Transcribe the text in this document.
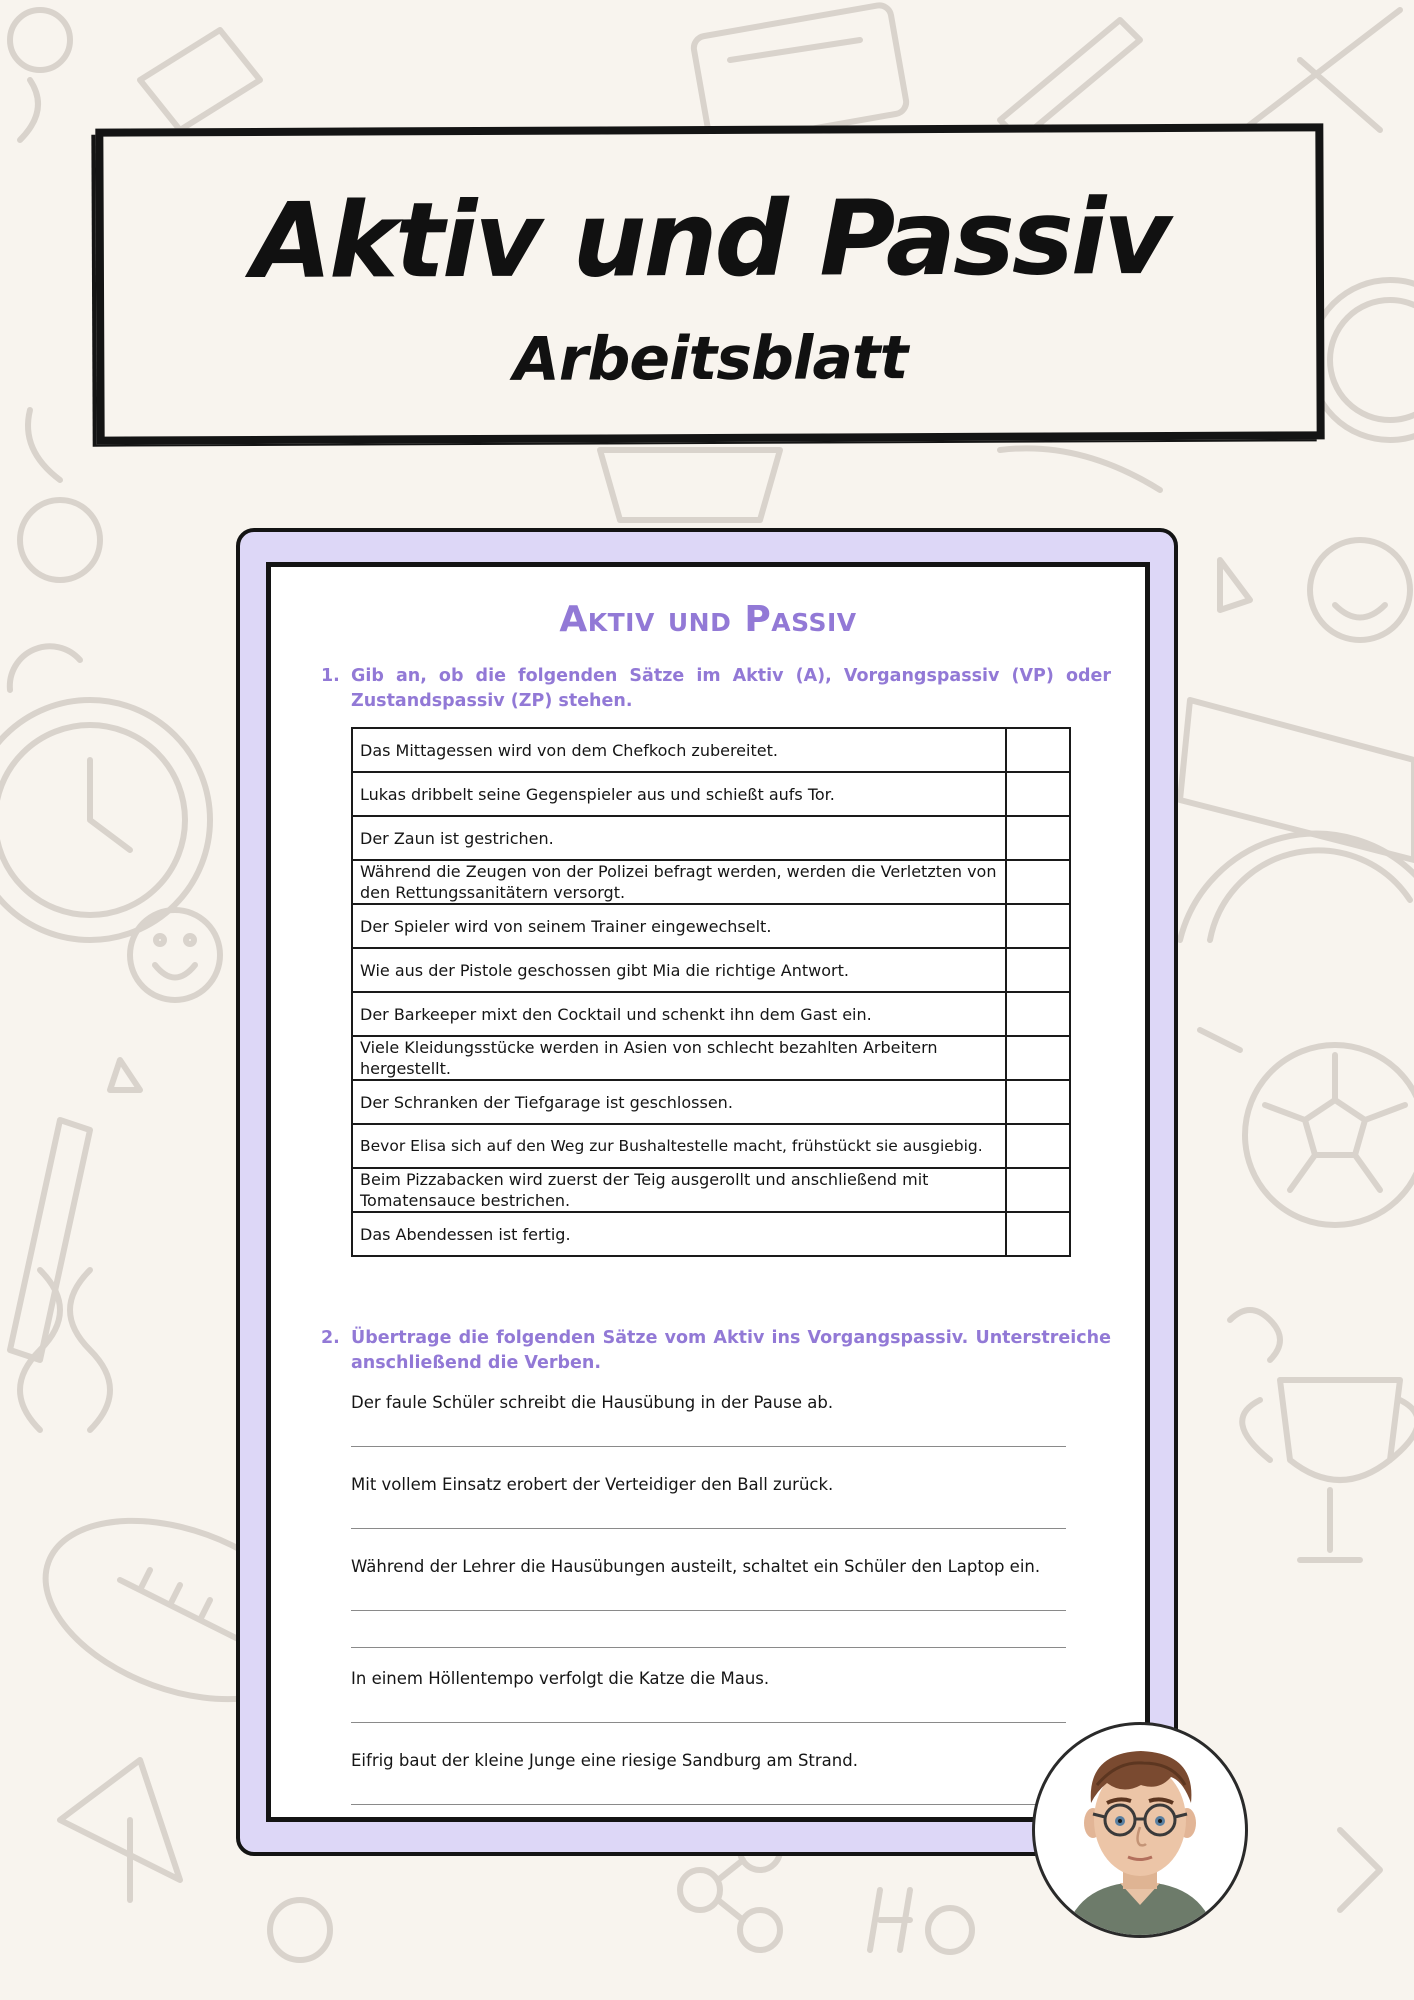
Aktiv und Passiv
Arbeitsblatt
Aktiv und Passiv
1. Gib an, ob die folgenden Sätze im Aktiv (A), Vorgangspassiv (VP) oder Zustandspassiv (ZP) stehen.
Das Mittagessen wird von dem Chefkoch zubereitet.	
Lukas dribbelt seine Gegenspieler aus und schießt aufs Tor.	
Der Zaun ist gestrichen.	
Während die Zeugen von der Polizei befragt werden, werden die Verletzten von den Rettungssanitätern versorgt.	
Der Spieler wird von seinem Trainer eingewechselt.	
Wie aus der Pistole geschossen gibt Mia die richtige Antwort.	
Der Barkeeper mixt den Cocktail und schenkt ihn dem Gast ein.	
Viele Kleidungsstücke werden in Asien von schlecht bezahlten Arbeitern hergestellt.	
Der Schranken der Tiefgarage ist geschlossen.	
Bevor Elisa sich auf den Weg zur Bushaltestelle macht, frühstückt sie ausgiebig.	
Beim Pizzabacken wird zuerst der Teig ausgerollt und anschließend mit Tomatensauce bestrichen.	
Das Abendessen ist fertig.	
2. Übertrage die folgenden Sätze vom Aktiv ins Vorgangspassiv. Unterstreiche anschließend die Verben.
Der faule Schüler schreibt die Hausübung in der Pause ab.
Mit vollem Einsatz erobert der Verteidiger den Ball zurück.
Während der Lehrer die Hausübungen austeilt, schaltet ein Schüler den Laptop ein.
In einem Höllentempo verfolgt die Katze die Maus.
Eifrig baut der kleine Junge eine riesige Sandburg am Strand.
